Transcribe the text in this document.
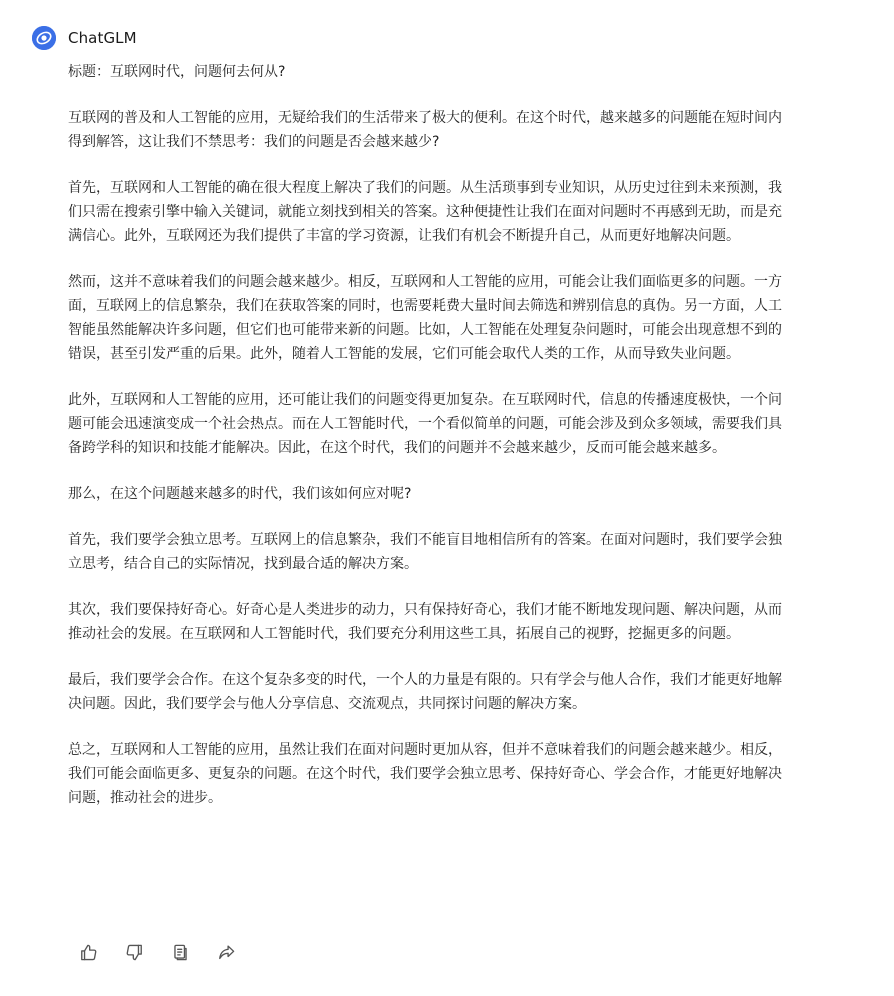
ChatGLM

标题：互联网时代，问题何去何从?

互联网的普及和人工智能的应用，无疑给我们的生活带来了极大的便利。在这个时代，越来越多的问题能在短时间内得到解答，这让我们不禁思考：我们的问题是否会越来越少?

首先，互联网和人工智能的确在很大程度上解决了我们的问题。从生活琐事到专业知识，从历史过往到未来预测，我们只需在搜索引擎中输入关键词，就能立刻找到相关的答案。这种便捷性让我们在面对问题时不再感到无助，而是充满信心。此外，互联网还为我们提供了丰富的学习资源，让我们有机会不断提升自己，从而更好地解决问题。

然而，这并不意味着我们的问题会越来越少。相反，互联网和人工智能的应用，可能会让我们面临更多的问题。一方面，互联网上的信息繁杂，我们在获取答案的同时，也需要耗费大量时间去筛选和辨别信息的真伪。另一方面，人工智能虽然能解决许多问题，但它们也可能带来新的问题。比如，人工智能在处理复杂问题时，可能会出现意想不到的错误，甚至引发严重的后果。此外，随着人工智能的发展，它们可能会取代人类的工作，从而导致失业问题。

此外，互联网和人工智能的应用，还可能让我们的问题变得更加复杂。在互联网时代，信息的传播速度极快，一个问题可能会迅速演变成一个社会热点。而在人工智能时代，一个看似简单的问题，可能会涉及到众多领域，需要我们具备跨学科的知识和技能才能解决。因此，在这个时代，我们的问题并不会越来越少，反而可能会越来越多。

那么，在这个问题越来越多的时代，我们该如何应对呢?

首先，我们要学会独立思考。互联网上的信息繁杂，我们不能盲目地相信所有的答案。在面对问题时，我们要学会独立思考，结合自己的实际情况，找到最合适的解决方案。

其次，我们要保持好奇心。好奇心是人类进步的动力，只有保持好奇心，我们才能不断地发现问题、解决问题，从而推动社会的发展。在互联网和人工智能时代，我们要充分利用这些工具，拓展自己的视野，挖掘更多的问题。

最后，我们要学会合作。在这个复杂多变的时代，一个人的力量是有限的。只有学会与他人合作，我们才能更好地解决问题。因此，我们要学会与他人分享信息、交流观点，共同探讨问题的解决方案。

总之，互联网和人工智能的应用，虽然让我们在面对问题时更加从容，但并不意味着我们的问题会越来越少。相反，我们可能会面临更多、更复杂的问题。在这个时代，我们要学会独立思考、保持好奇心、学会合作，才能更好地解决问题，推动社会的进步。
